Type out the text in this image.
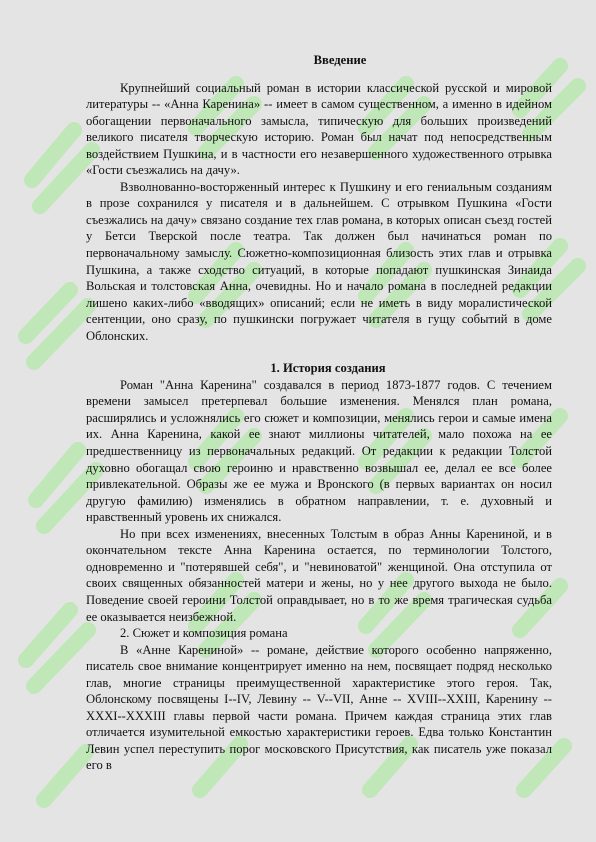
Введение

Крупнейший социальный роман в истории классической русской и мировой литературы -- «Анна Каренина» -- имеет в самом существенном, а именно в идейном обогащении первоначального замысла, типическую для больших произведений великого писателя творческую историю. Роман был начат под непосредственным воздействием Пушкина, и в частности его незавершенного художественного отрывка «Гости съезжались на дачу».

Взволнованно-восторженный интерес к Пушкину и его гениальным созданиям в прозе сохранился у писателя и в дальнейшем. С отрывком Пушкина «Гости съезжались на дачу» связано создание тех глав романа, в которых описан съезд гостей у Бетси Тверской после театра. Так должен был начинаться роман по первоначальному замыслу. Сюжетно-композиционная близость этих глав и отрывка Пушкина, а также сходство ситуаций, в которые попадают пушкинская Зинаида Вольская и толстовская Анна, очевидны. Но и начало романа в последней редакции лишено каких-либо «вводящих» описаний; если не иметь в виду моралистической сентенции, оно сразу, по пушкински погружает читателя в гущу событий в доме Облонских.

1. История создания

Роман "Анна Каренина" создавался в период 1873-1877 годов. С течением времени замысел претерпевал большие изменения. Менялся план романа, расширялись и усложнялись его сюжет и композиции, менялись герои и самые имена их. Анна Каренина, какой ее знают миллионы читателей, мало похожа на ее предшественницу из первоначальных редакций. От редакции к редакции Толстой духовно обогащал свою героиню и нравственно возвышал ее, делал ее все более привлекательной. Образы же ее мужа и Вронского (в первых вариантах он носил другую фамилию) изменялись в обратном направлении, т. е. духовный и нравственный уровень их снижался.

Но при всех изменениях, внесенных Толстым в образ Анны Карениной, и в окончательном тексте Анна Каренина остается, по терминологии Толстого, одновременно и "потерявшей себя", и "невиноватой" женщиной. Она отступила от своих священных обязанностей матери и жены, но у нее другого выхода не было. Поведение своей героини Толстой оправдывает, но в то же время трагическая судьба ее оказывается неизбежной.

2. Сюжет и композиция романа

В «Анне Карениной» -- романе, действие которого особенно напряженно, писатель свое внимание концентрирует именно на нем, посвящает подряд несколько глав, многие страницы преимущественной характеристике этого героя. Так, Облонскому посвящены I--IV, Левину -- V--VII, Анне -- XVIII--XXIII, Каренину -- XXXI--XXXIII главы первой части романа. Причем каждая страница этих глав отличается изумительной емкостью характеристики героев. Едва только Константин Левин успел переступить порог московского Присутствия, как писатель уже показал его в
